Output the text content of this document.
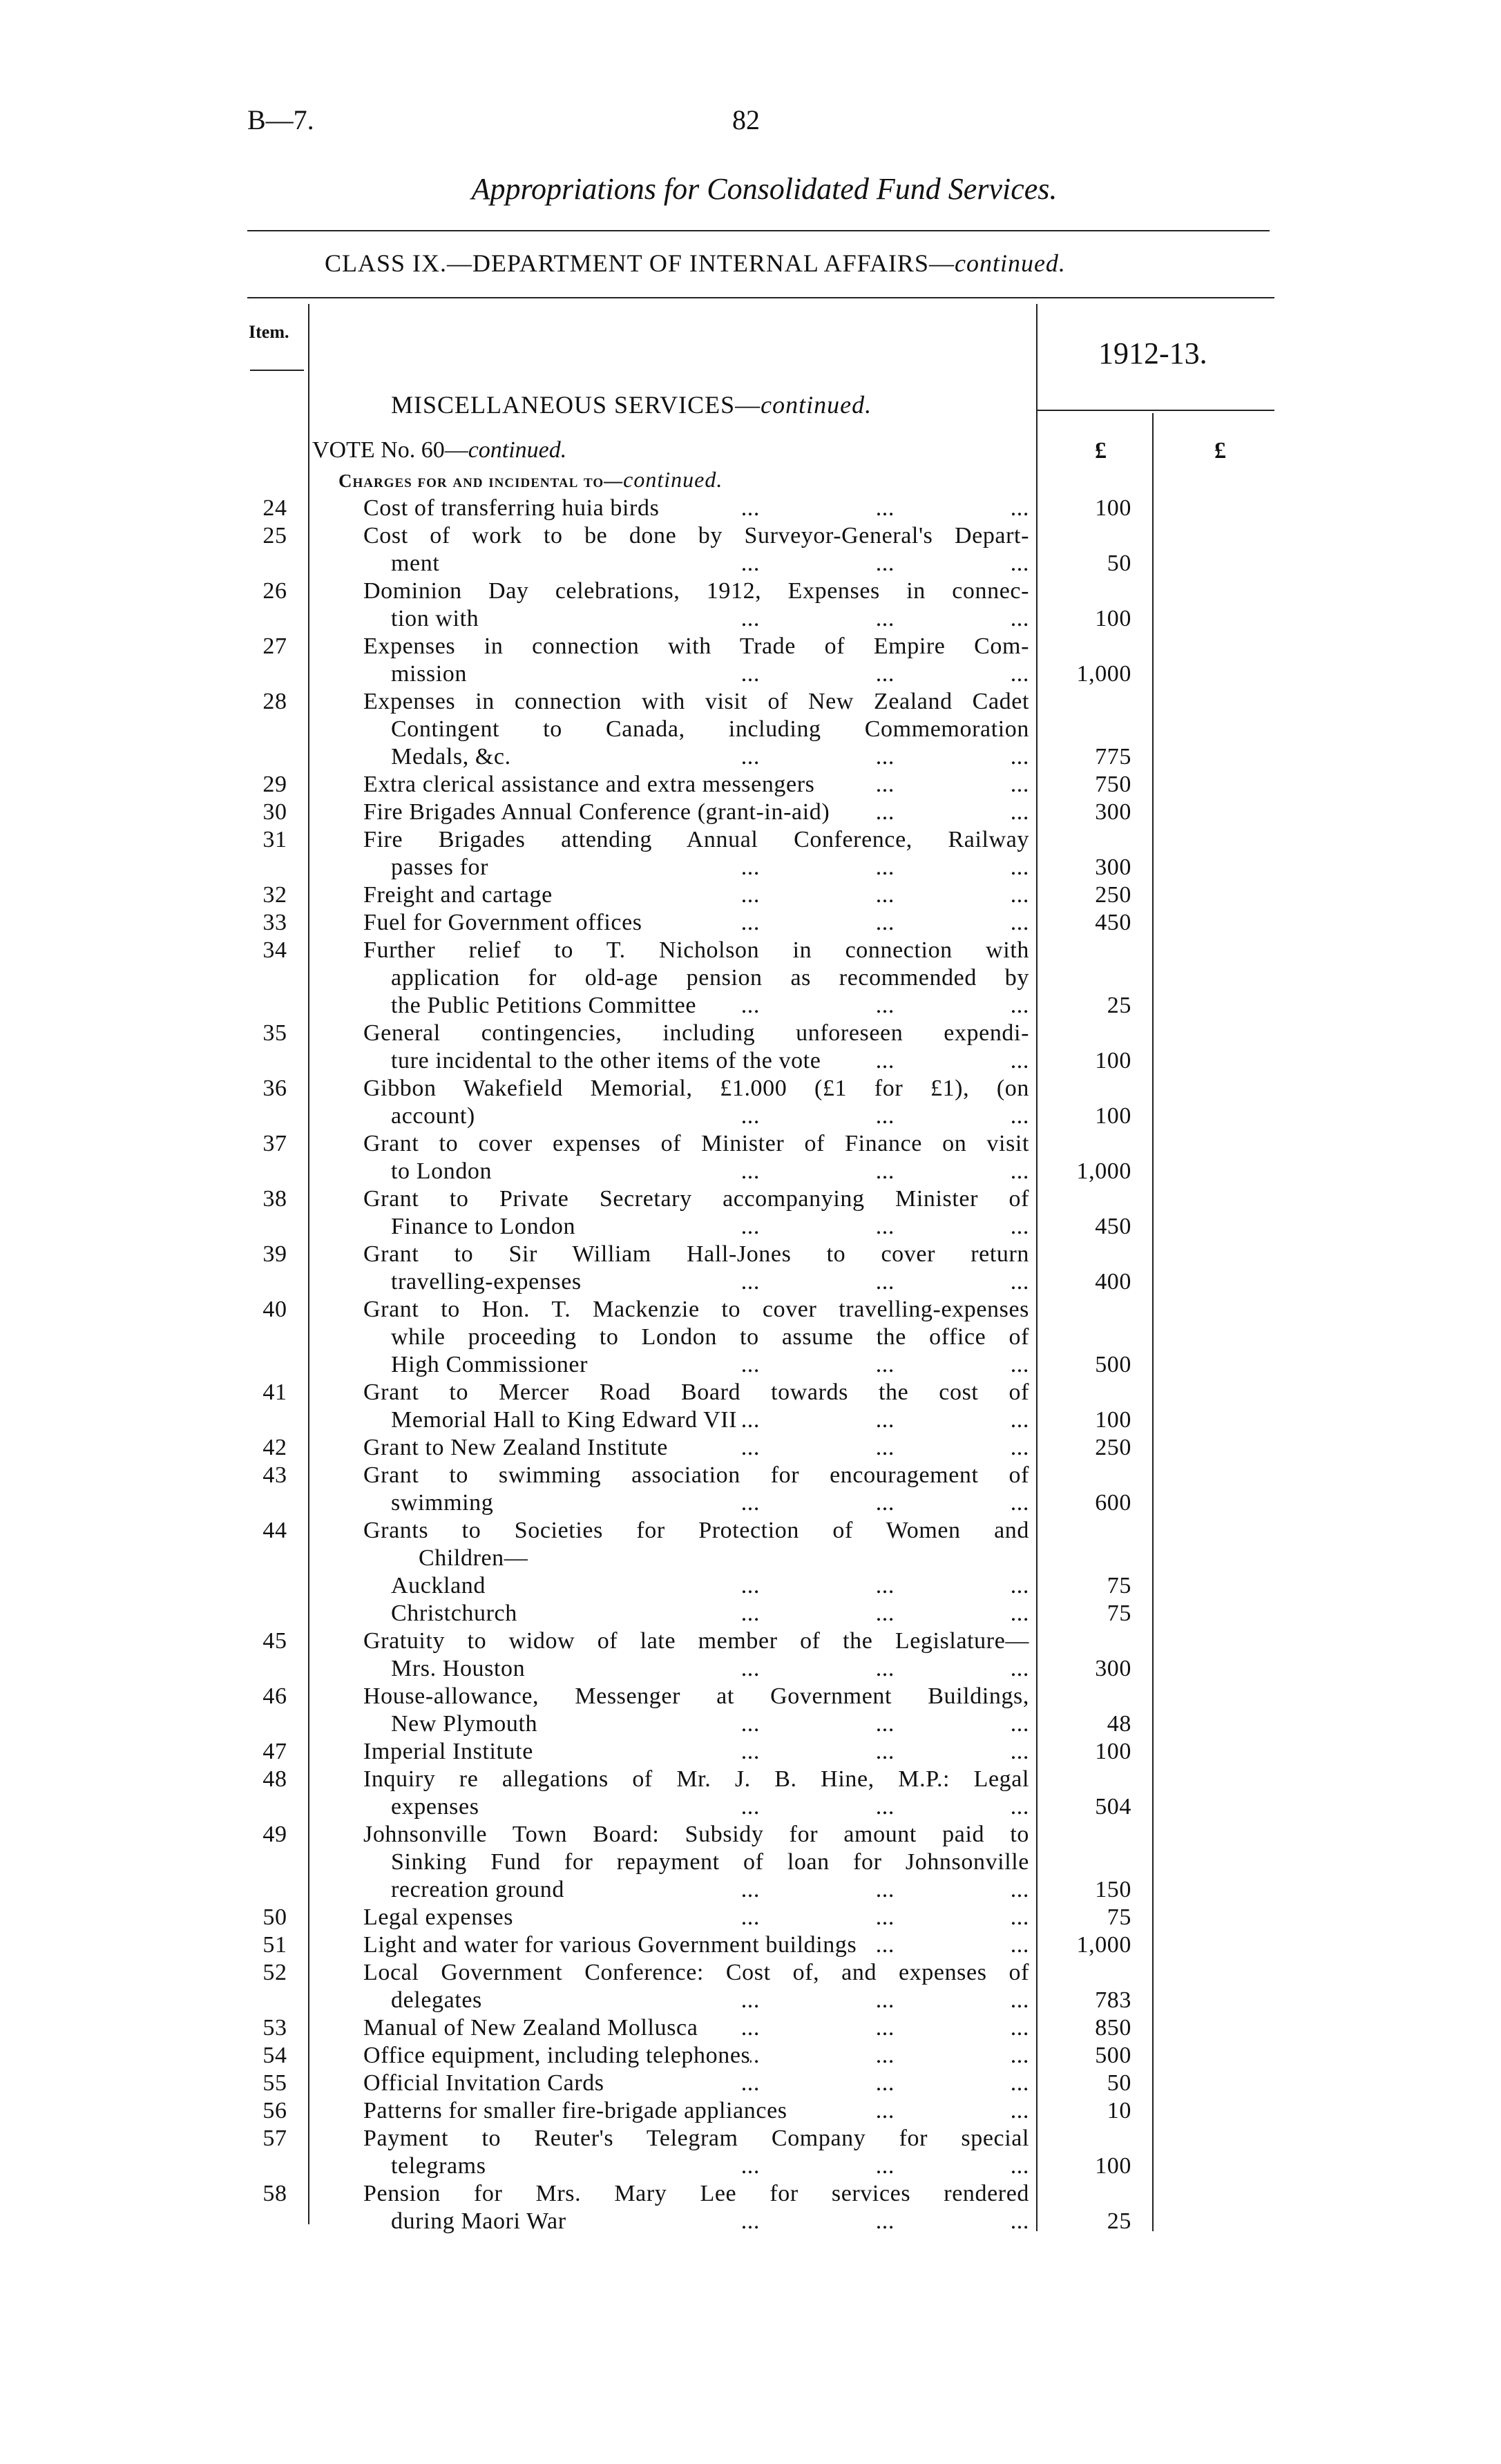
B—7.	82
Appropriations for Consolidated Fund Services.
CLASS IX.—DEPARTMENT OF INTERNAL AFFAIRS—continued.
Item.
1912-13.
MISCELLANEOUS SERVICES—continued.
VOTE No. 60—continued.
Charges for and incidental to—continued.
£	£
24	Cost of transferring huia birds ... ... ...	100
25	Cost of work to be done by Surveyor-General's Depart-
ment ... ... ...	50
26	Dominion Day celebrations, 1912, Expenses in connec-
tion with ... ... ...	100
27	Expenses in connection with Trade of Empire Com-
mission ... ... ...	1,000
28	Expenses in connection with visit of New Zealand Cadet
Contingent to Canada, including Commemoration
Medals, &c. ... ... ...	775
29	Extra clerical assistance and extra messengers ... ...	750
30	Fire Brigades Annual Conference (grant-in-aid) ... ...	300
31	Fire Brigades attending Annual Conference, Railway
passes for ... ... ...	300
32	Freight and cartage ... ... ...	250
33	Fuel for Government offices ... ... ...	450
34	Further relief to T. Nicholson in connection with
application for old-age pension as recommended by
the Public Petitions Committee ... ... ...	25
35	General contingencies, including unforeseen expendi-
ture incidental to the other items of the vote ... ...	100
36	Gibbon Wakefield Memorial, £1.000 (£1 for £1), (on
account) ... ... ...	100
37	Grant to cover expenses of Minister of Finance on visit
to London ... ... ...	1,000
38	Grant to Private Secretary accompanying Minister of
Finance to London ... ... ...	450
39	Grant to Sir William Hall-Jones to cover return
travelling-expenses ... ... ...	400
40	Grant to Hon. T. Mackenzie to cover travelling-expenses
while proceeding to London to assume the office of
High Commissioner ... ... ...	500
41	Grant to Mercer Road Board towards the cost of
Memorial Hall to King Edward VII ... ... ...	100
42	Grant to New Zealand Institute ... ... ...	250
43	Grant to swimming association for encouragement of
swimming ... ... ...	600
44	Grants to Societies for Protection of Women and
Children—
Auckland ... ... ...	75
Christchurch ... ... ...	75
45	Gratuity to widow of late member of the Legislature—
Mrs. Houston ... ... ...	300
46	House-allowance, Messenger at Government Buildings,
New Plymouth ... ... ...	48
47	Imperial Institute ... ... ...	100
48	Inquiry re allegations of Mr. J. B. Hine, M.P.: Legal
expenses ... ... ...	504
49	Johnsonville Town Board: Subsidy for amount paid to
Sinking Fund for repayment of loan for Johnsonville
recreation ground ... ... ...	150
50	Legal expenses ... ... ...	75
51	Light and water for various Government buildings ... ...	1,000
52	Local Government Conference: Cost of, and expenses of
delegates ... ... ...	783
53	Manual of New Zealand Mollusca ... ... ...	850
54	Office equipment, including telephones ... ... ...	500
55	Official Invitation Cards ... ... ...	50
56	Patterns for smaller fire-brigade appliances ... ...	10
57	Payment to Reuter's Telegram Company for special
telegrams ... ... ...	100
58	Pension for Mrs. Mary Lee for services rendered
during Maori War ... ... ...	25
